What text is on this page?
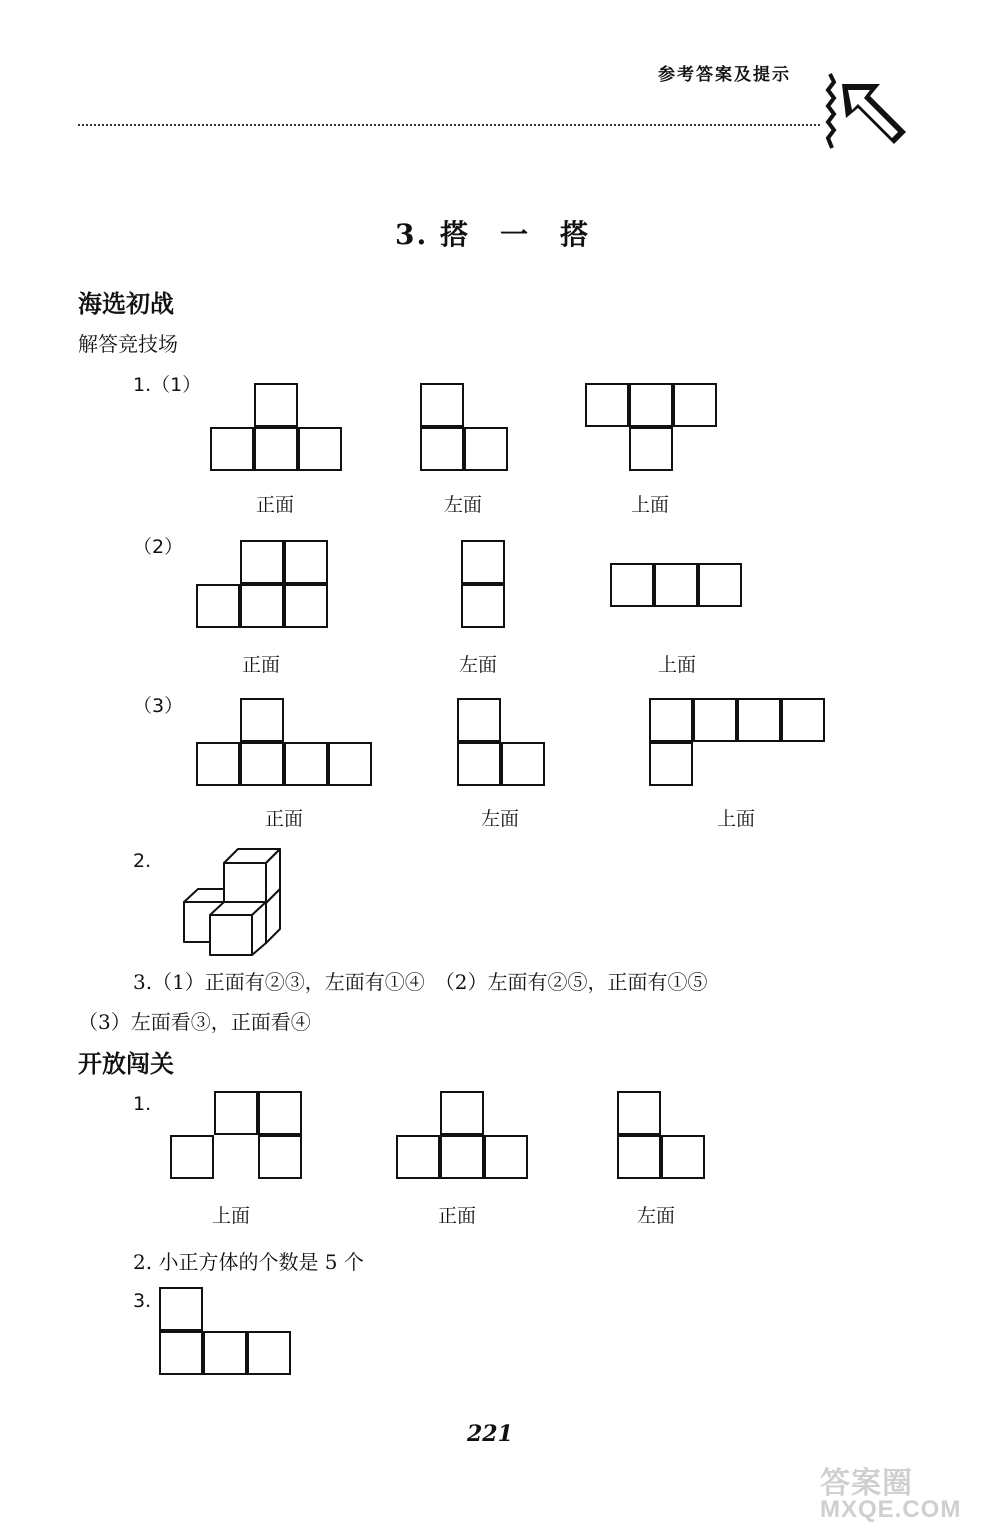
参考答案及提示
3. 搭　一　搭
海选初战
解答竞技场
1.（1）
正面	左面	上面
（2）
正面	左面	上面
（3）
正面	左面	上面
2.
3.（1）正面有②③，左面有①④　（2）左面有②⑤，正面有①⑤
（3）左面看③，正面看④
开放闯关
1.
上面	正面	左面
2. 小正方体的个数是 5 个
3.
221
答案圈
MXQE.COM
